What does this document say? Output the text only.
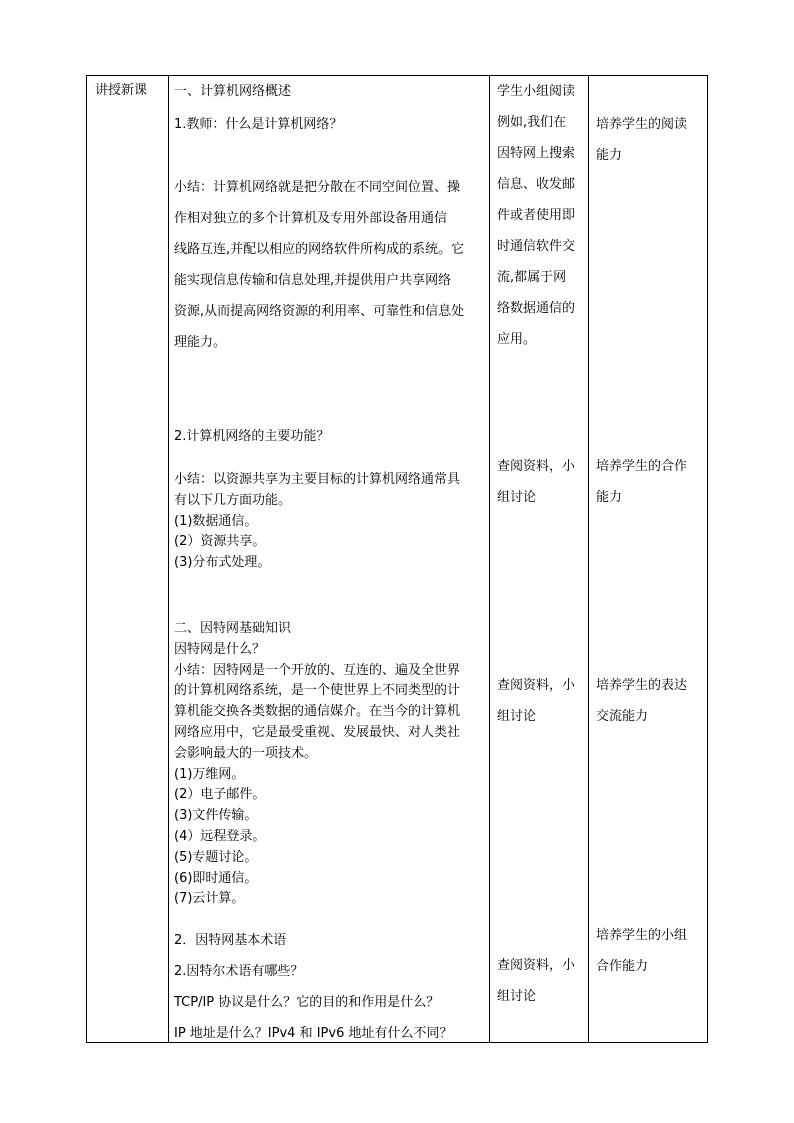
讲授新课 一、计算机网络概述
1.教师：什么是计算机网络？
小结：计算机网络就是把分散在不同空间位置、操
作相对独立的多个计算机及专用外部设备用通信
线路互连,并配以相应的网络软件所构成的系统。它
能实现信息传输和信息处理,并提供用户共享网络
资源,从而提高网络资源的利用率、可靠性和信息处
理能力。
2.计算机网络的主要功能？
小结：以资源共享为主要目标的计算机网络通常具
有以下几方面功能。
(1)数据通信。
(2）资源共享。
(3)分布式处理。
二、因特网基础知识
因特网是什么？
小结：因特网是一个开放的、互连的、遍及全世界
的计算机网络系统，是一个使世界上不同类型的计
算机能交换各类数据的通信媒介。在当今的计算机
网络应用中，它是最受重视、发展最快、对人类社
会影响最大的一项技术。
(1)万维网。
(2）电子邮件。
(3)文件传输。
(4）远程登录。
(5)专题讨论。
(6)即时通信。
(7)云计算。
2．因特网基本术语
2.因特尔术语有哪些？
TCP/IP 协议是什么？它的目的和作用是什么？
IP 地址是什么？IPv4 和 IPv6 地址有什么不同？
学生小组阅读
例如,我们在
因特网上搜索
信息、收发邮
件或者使用即
时通信软件交
流,都属于网
络数据通信的
应用。
查阅资料，小
组讨论
查阅资料，小
组讨论
查阅资料，小
组讨论
培养学生的阅读
能力
培养学生的合作
能力
培养学生的表达
交流能力
培养学生的小组
合作能力
